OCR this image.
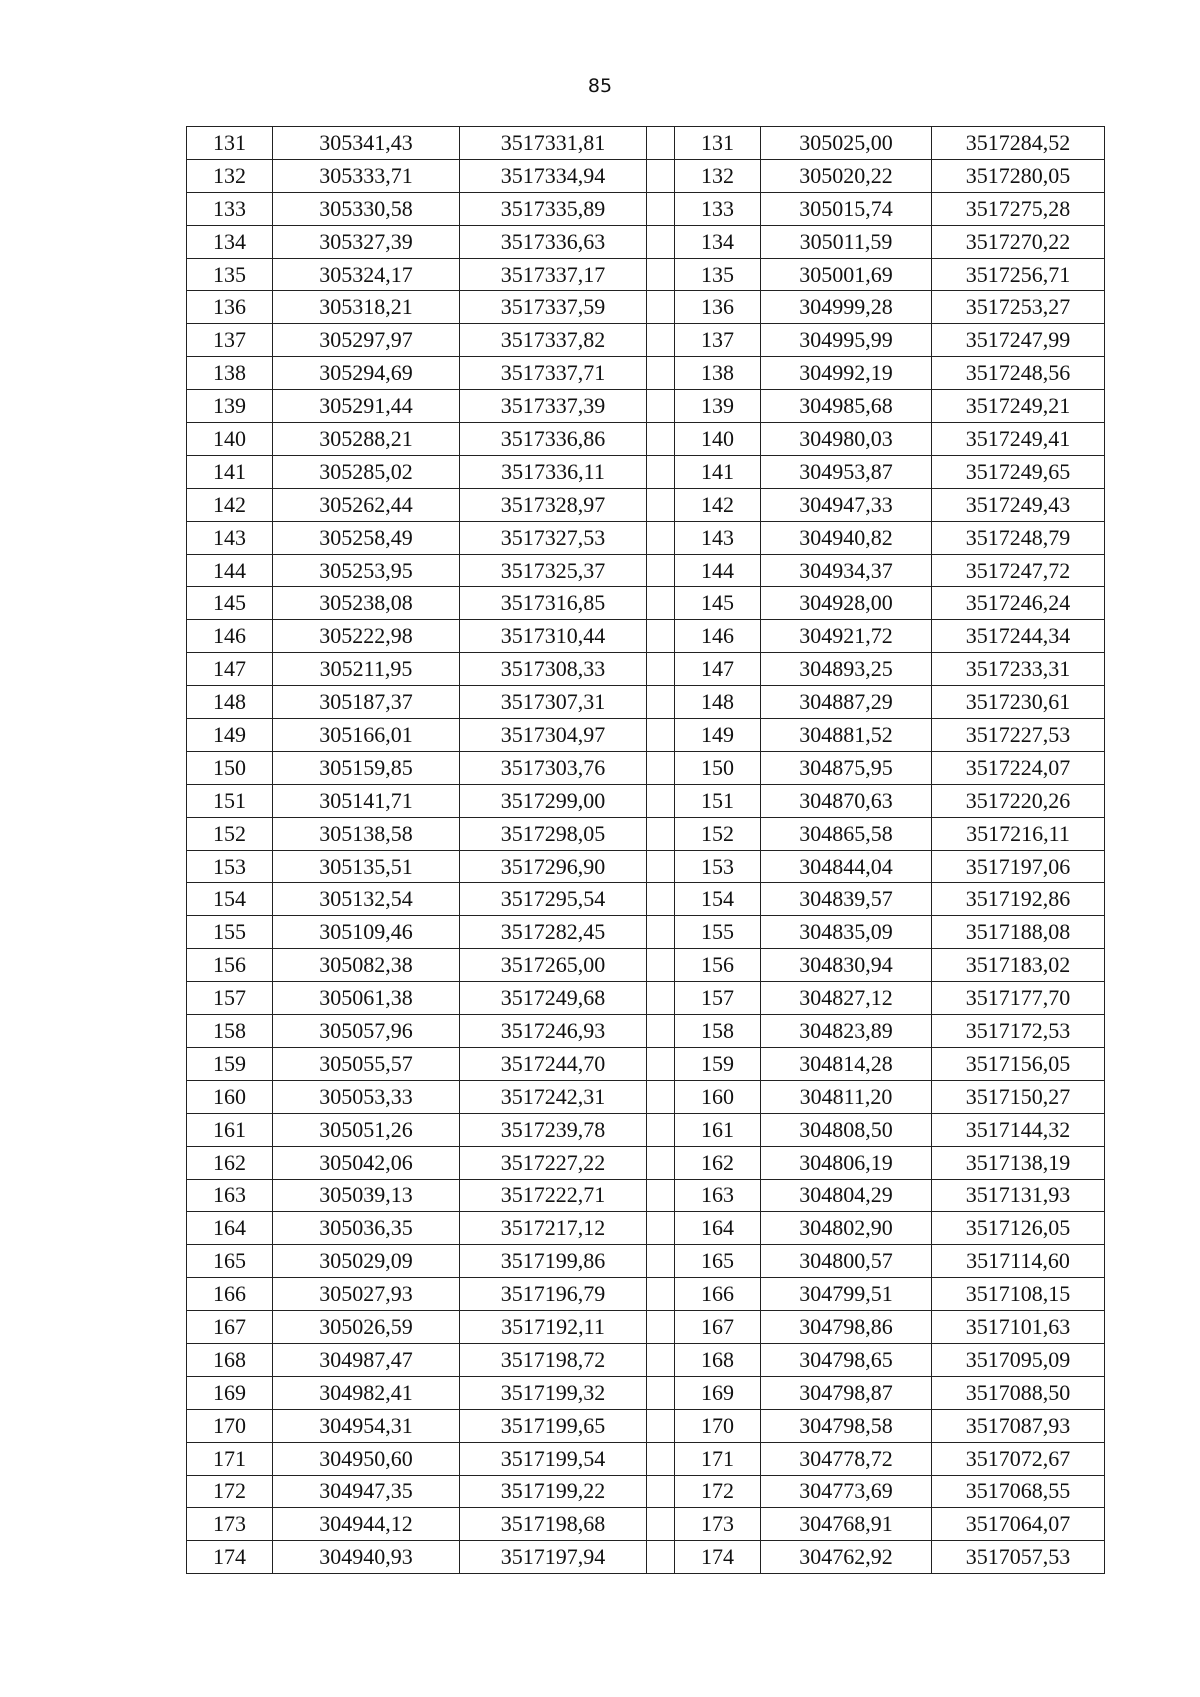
85
131	305341,43	3517331,81		131	305025,00	3517284,52
132	305333,71	3517334,94		132	305020,22	3517280,05
133	305330,58	3517335,89		133	305015,74	3517275,28
134	305327,39	3517336,63		134	305011,59	3517270,22
135	305324,17	3517337,17		135	305001,69	3517256,71
136	305318,21	3517337,59		136	304999,28	3517253,27
137	305297,97	3517337,82		137	304995,99	3517247,99
138	305294,69	3517337,71		138	304992,19	3517248,56
139	305291,44	3517337,39		139	304985,68	3517249,21
140	305288,21	3517336,86		140	304980,03	3517249,41
141	305285,02	3517336,11		141	304953,87	3517249,65
142	305262,44	3517328,97		142	304947,33	3517249,43
143	305258,49	3517327,53		143	304940,82	3517248,79
144	305253,95	3517325,37		144	304934,37	3517247,72
145	305238,08	3517316,85		145	304928,00	3517246,24
146	305222,98	3517310,44		146	304921,72	3517244,34
147	305211,95	3517308,33		147	304893,25	3517233,31
148	305187,37	3517307,31		148	304887,29	3517230,61
149	305166,01	3517304,97		149	304881,52	3517227,53
150	305159,85	3517303,76		150	304875,95	3517224,07
151	305141,71	3517299,00		151	304870,63	3517220,26
152	305138,58	3517298,05		152	304865,58	3517216,11
153	305135,51	3517296,90		153	304844,04	3517197,06
154	305132,54	3517295,54		154	304839,57	3517192,86
155	305109,46	3517282,45		155	304835,09	3517188,08
156	305082,38	3517265,00		156	304830,94	3517183,02
157	305061,38	3517249,68		157	304827,12	3517177,70
158	305057,96	3517246,93		158	304823,89	3517172,53
159	305055,57	3517244,70		159	304814,28	3517156,05
160	305053,33	3517242,31		160	304811,20	3517150,27
161	305051,26	3517239,78		161	304808,50	3517144,32
162	305042,06	3517227,22		162	304806,19	3517138,19
163	305039,13	3517222,71		163	304804,29	3517131,93
164	305036,35	3517217,12		164	304802,90	3517126,05
165	305029,09	3517199,86		165	304800,57	3517114,60
166	305027,93	3517196,79		166	304799,51	3517108,15
167	305026,59	3517192,11		167	304798,86	3517101,63
168	304987,47	3517198,72		168	304798,65	3517095,09
169	304982,41	3517199,32		169	304798,87	3517088,50
170	304954,31	3517199,65		170	304798,58	3517087,93
171	304950,60	3517199,54		171	304778,72	3517072,67
172	304947,35	3517199,22		172	304773,69	3517068,55
173	304944,12	3517198,68		173	304768,91	3517064,07
174	304940,93	3517197,94		174	304762,92	3517057,53
